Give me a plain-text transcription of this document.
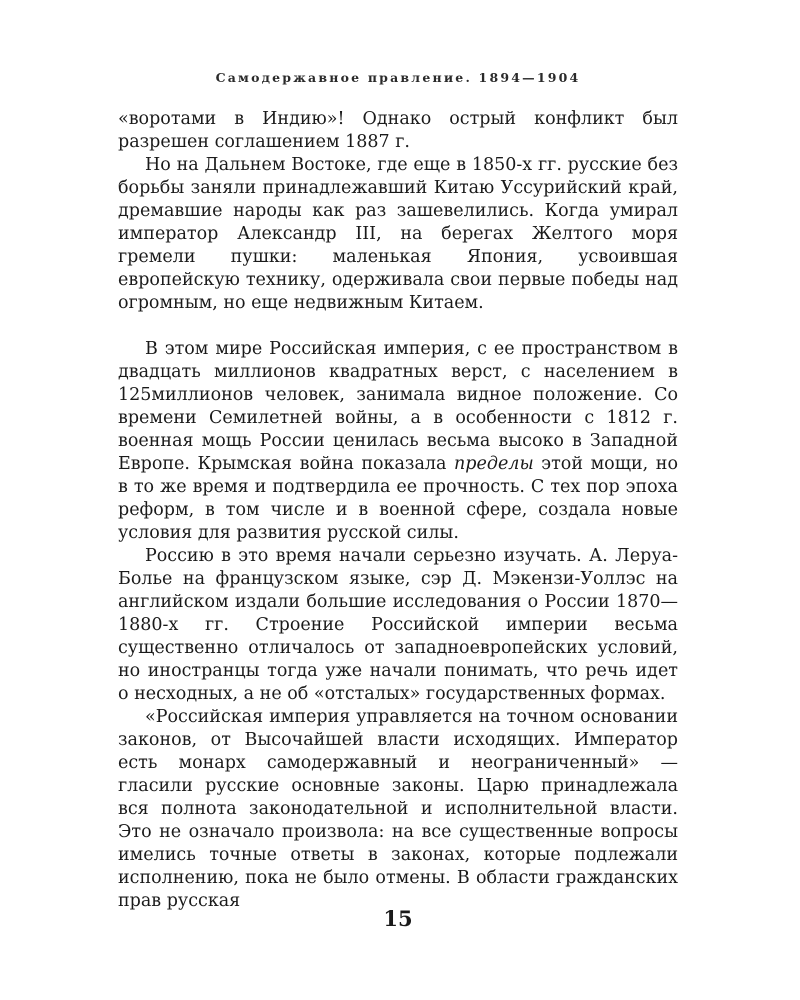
Самодержавное правление. 1894—1904

«воротами в Индию»! Однако острый конфликт был разрешен соглашением 1887 г.

Но на Дальнем Востоке, где еще в 1850-х гг. русские без борьбы заняли принадлежавший Китаю Уссурийский край, дремавшие народы как раз зашевелились. Когда умирал император Александр III, на берегах Желтого моря гремели пушки: маленькая Япония, усвоившая европейскую технику, одерживала свои первые победы над огромным, но еще недвижным Китаем.

В этом мире Российская империя, с ее пространством в двадцать миллионов квадратных верст, с населением в 125миллионов человек, занимала видное положение. Со времени Семилетней войны, а в особенности с 1812 г. военная мощь России ценилась весьма высоко в Западной Европе. Крымская война показала пределы этой мощи, но в то же время и подтвердила ее прочность. С тех пор эпоха реформ, в том числе и в военной сфере, создала новые условия для развития русской силы.

Россию в это время начали серьезно изучать. А. Леруа-Болье на французском языке, сэр Д. Мэкензи-Уоллэс на английском издали большие исследования о России 1870—1880-х гг. Строение Российской империи весьма существенно отличалось от западноевропейских условий, но иностранцы тогда уже начали понимать, что речь идет о несходных, а не об «отсталых» государственных формах.

«Российская империя управляется на точном основании законов, от Высочайшей власти исходящих. Император есть монарх самодержавный и неограниченный» — гласили русские основные законы. Царю принадлежала вся полнота законодательной и исполнительной власти. Это не означало произвола: на все существенные вопросы имелись точные ответы в законах, которые подлежали исполнению, пока не было отмены. В области гражданских прав русская

15
